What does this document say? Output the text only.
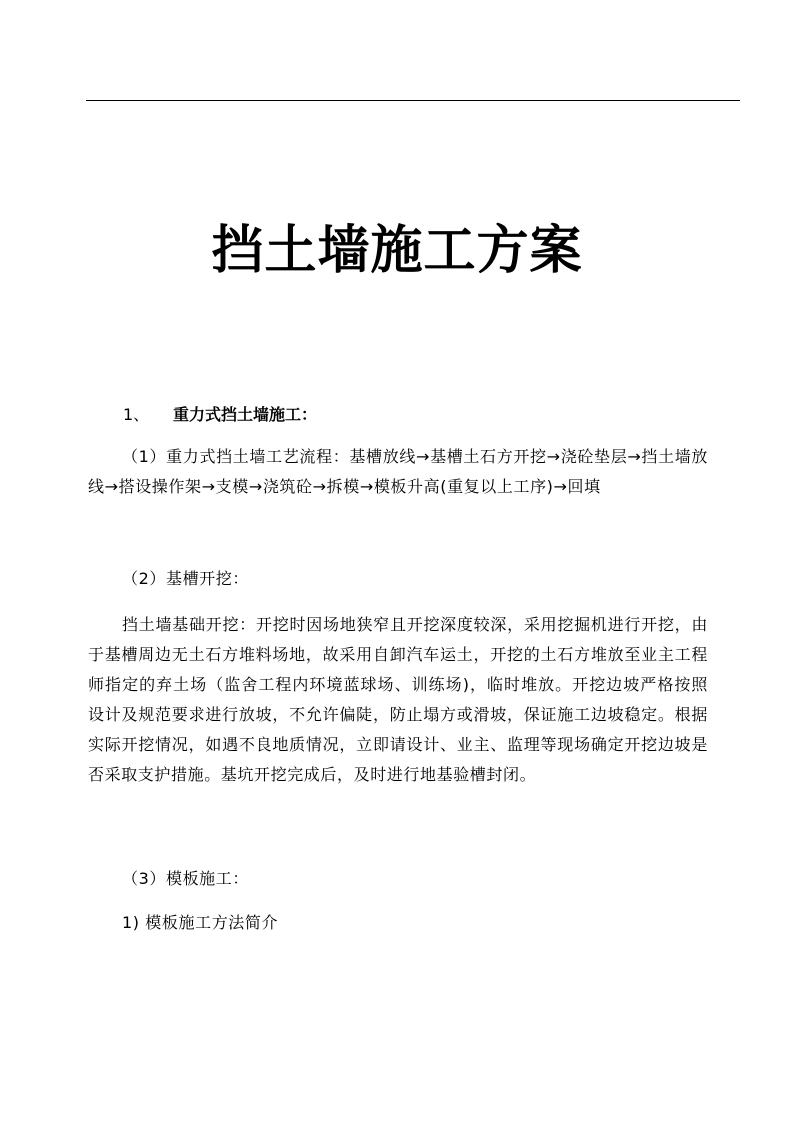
挡土墙施工方案
1、 重力式挡土墙施工：

（1）重力式挡土墙工艺流程：基槽放线→基槽土石方开挖→浇砼垫层→挡土墙放线→搭设操作架→支模→浇筑砼→拆模→模板升高(重复以上工序)→回填

（2）基槽开挖：

挡土墙基础开挖：开挖时因场地狭窄且开挖深度较深，采用挖掘机进行开挖，由于基槽周边无土石方堆料场地，故采用自卸汽车运土，开挖的土石方堆放至业主工程师指定的弃土场（监舍工程内环境蓝球场、训练场)，临时堆放。开挖边坡严格按照设计及规范要求进行放坡，不允许偏陡，防止塌方或滑坡，保证施工边坡稳定。根据实际开挖情况，如遇不良地质情况，立即请设计、业主、监理等现场确定开挖边坡是否采取支护措施。基坑开挖完成后，及时进行地基验槽封闭。

（3）模板施工：

1) 模板施工方法简介
